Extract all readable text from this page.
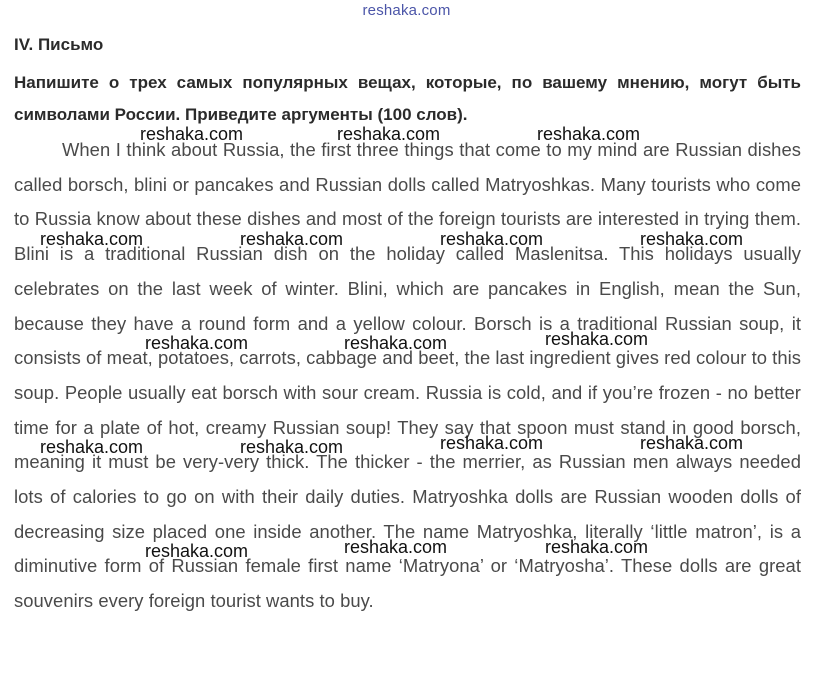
reshaka.com
IV. Письмо
Напишите о трех самых популярных вещах, которые, по вашему мнению, могут быть символами России. Приведите аргументы (100 слов).
When I think about Russia, the first three things that come to my mind are Russian dishes called borsch, blini or pancakes and Russian dolls called Matryoshkas. Many tourists who come to Russia know about these dishes and most of the foreign tourists are interested in trying them. Blini is a traditional Russian dish on the holiday called Maslenitsa. This holidays usually celebrates on the last week of winter. Blini, which are pancakes in English, mean the Sun, because they have a round form and a yellow colour. Borsch is a traditional Russian soup, it consists of meat, potatoes, carrots, cabbage and beet, the last ingredient gives red colour to this soup. People usually eat borsch with sour cream. Russia is cold, and if you’re frozen - no better time for a plate of hot, creamy Russian soup! They say that spoon must stand in good borsch, meaning it must be very-very thick. The thicker - the merrier, as Russian men always needed lots of calories to go on with their daily duties. Matryoshka dolls are Russian wooden dolls of decreasing size placed one inside another. The name Matryoshka, literally ‘little matron’, is a diminutive form of Russian female first name ‘Matryona’ or ‘Matryosha’. These dolls are great souvenirs every foreign tourist wants to buy.
reshaka.com	reshaka.com	reshaka.com
reshaka.com	reshaka.com	reshaka.com	reshaka.com
reshaka.com	reshaka.com	reshaka.com
reshaka.com	reshaka.com	reshaka.com	reshaka.com
reshaka.com	reshaka.com	reshaka.com
